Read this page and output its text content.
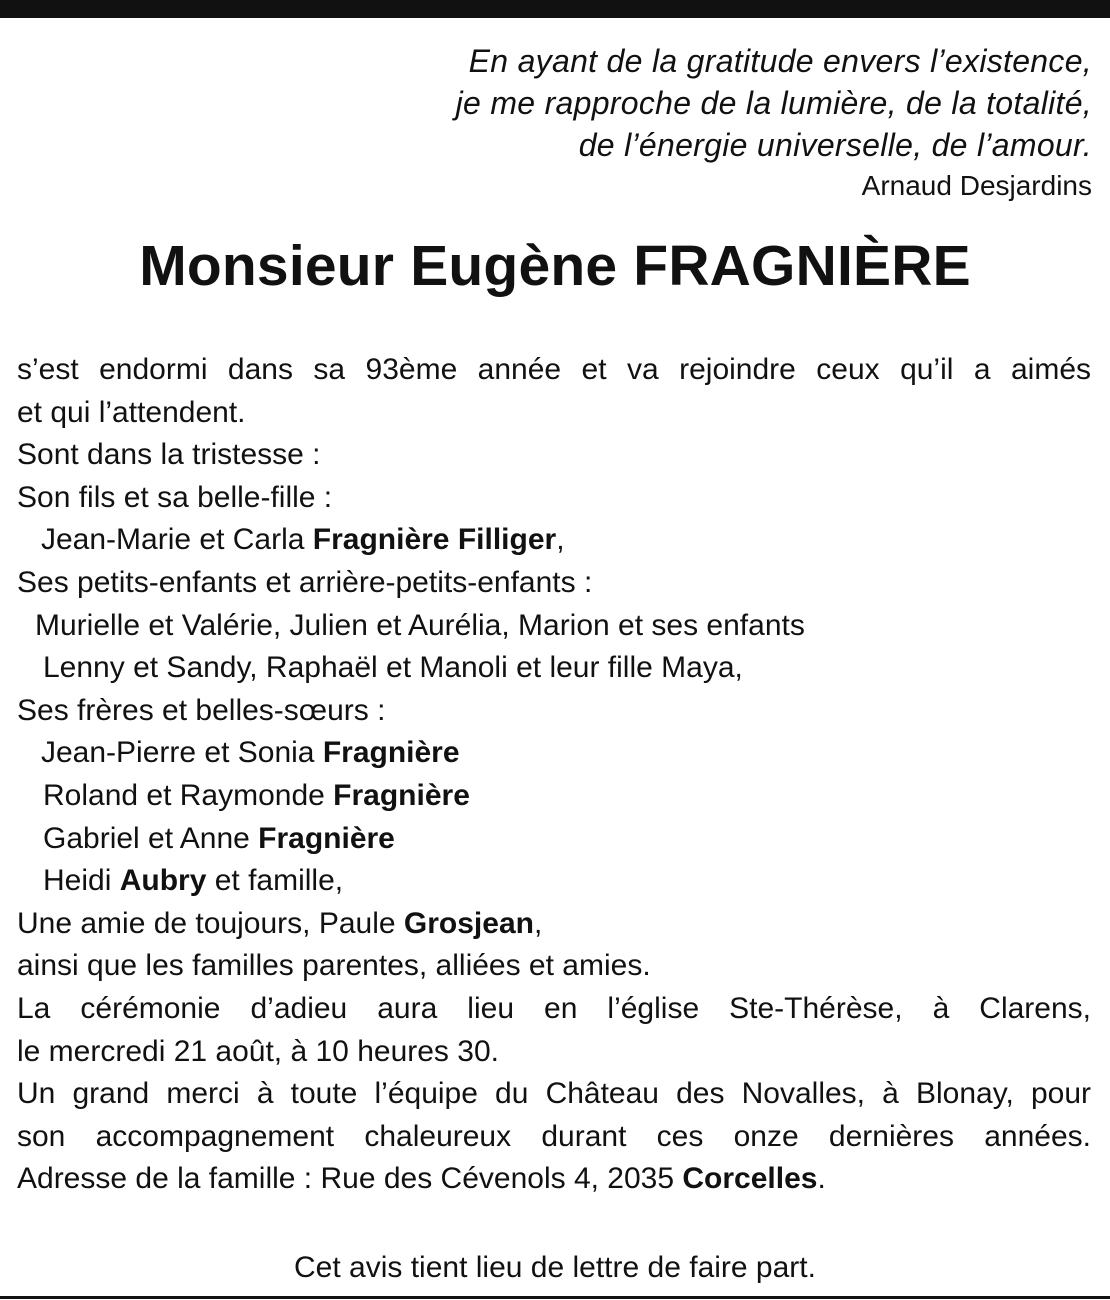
En ayant de la gratitude envers l’existence,
je me rapproche de la lumière, de la totalité,
de l’énergie universelle, de l’amour.
Arnaud Desjardins
Monsieur Eugène FRAGNIÈRE
s’est endormi dans sa 93ème année et va rejoindre ceux qu’il a aimés
et qui l’attendent.
Sont dans la tristesse :
Son fils et sa belle-fille :
Jean-Marie et Carla Fragnière Filliger,
Ses petits-enfants et arrière-petits-enfants :
Murielle et Valérie, Julien et Aurélia, Marion et ses enfants
Lenny et Sandy, Raphaël et Manoli et leur fille Maya,
Ses frères et belles-sœurs :
Jean-Pierre et Sonia Fragnière
Roland et Raymonde Fragnière
Gabriel et Anne Fragnière
Heidi Aubry et famille,
Une amie de toujours, Paule Grosjean,
ainsi que les familles parentes, alliées et amies.
La cérémonie d’adieu aura lieu en l’église Ste-Thérèse, à Clarens,
le mercredi 21 août, à 10 heures 30.
Un grand merci à toute l’équipe du Château des Novalles, à Blonay, pour
son accompagnement chaleureux durant ces onze dernières années.
Adresse de la famille : Rue des Cévenols 4, 2035 Corcelles.
Cet avis tient lieu de lettre de faire part.
